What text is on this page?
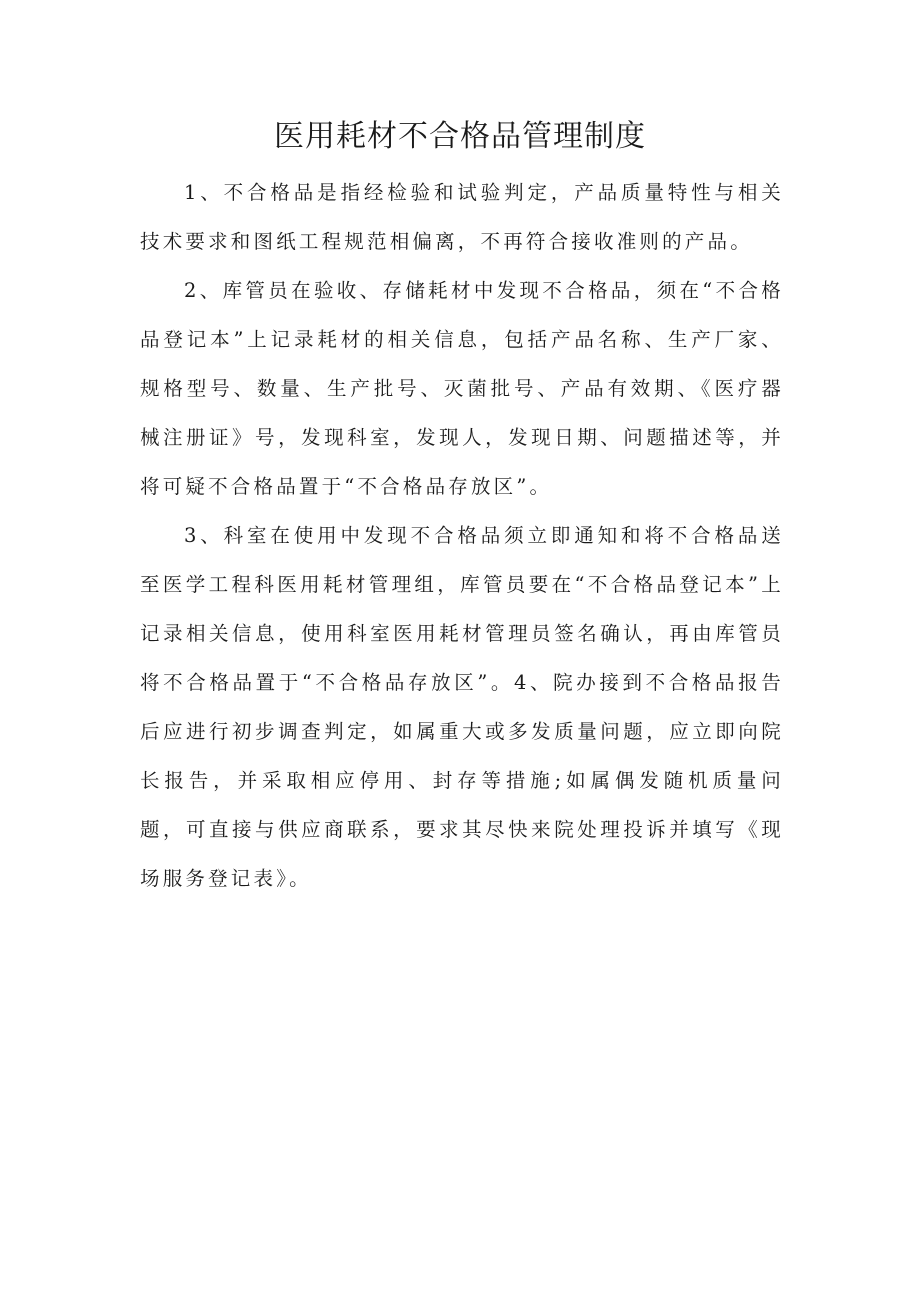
医用耗材不合格品管理制度

1、不合格品是指经检验和试验判定，产品质量特性与相关技术要求和图纸工程规范相偏离，不再符合接收准则的产品。

2、库管员在验收、存储耗材中发现不合格品，须在“不合格品登记本”上记录耗材的相关信息，包括产品名称、生产厂家、规格型号、数量、生产批号、灭菌批号、产品有效期、《医疗器械注册证》号，发现科室，发现人，发现日期、问题描述等，并将可疑不合格品置于“不合格品存放区”。

3、科室在使用中发现不合格品须立即通知和将不合格品送至医学工程科医用耗材管理组，库管员要在“不合格品登记本”上记录相关信息，使用科室医用耗材管理员签名确认，再由库管员将不合格品置于“不合格品存放区”。4、院办接到不合格品报告后应进行初步调查判定，如属重大或多发质量问题，应立即向院长报告，并采取相应停用、封存等措施;如属偶发随机质量问题，可直接与供应商联系，要求其尽快来院处理投诉并填写《现场服务登记表》。
